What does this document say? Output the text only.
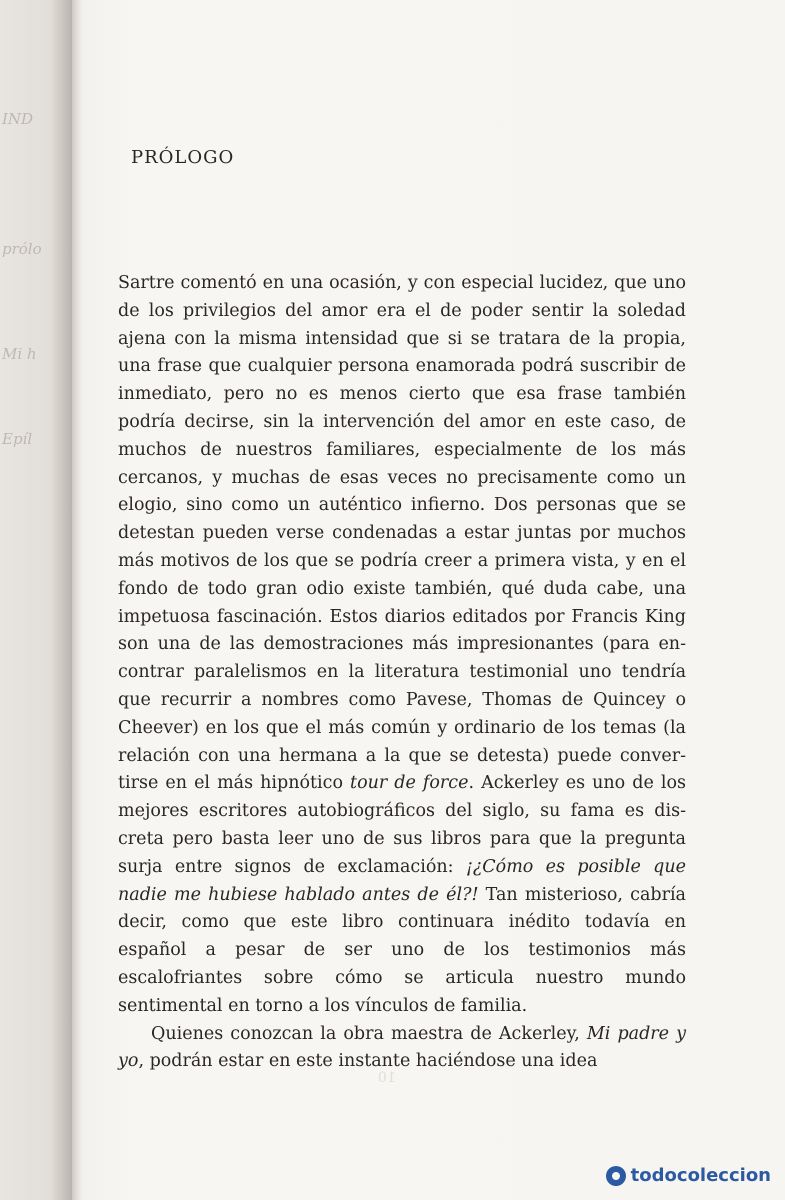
IND
prólo
Mi h
Epíl
PRÓLOGO

Sartre comentó en una ocasión, y con especial lucidez, que uno de los privilegios del amor era el de poder sentir la soledad ajena con la misma intensidad que si se tratara de la propia, una frase que cualquier persona enamorada podrá suscribir de inmediato, pero no es menos cierto que esa frase también podría decirse, sin la intervención del amor en este caso, de muchos de nuestros familiares, especialmente de los más cercanos, y muchas de esas veces no precisamente como un elogio, sino como un auténtico infierno. Dos personas que se detestan pueden verse condenadas a estar juntas por muchos más motivos de los que se podría creer a primera vista, y en el fondo de todo gran odio existe también, qué duda cabe, una impetuosa fascinación. Estos diarios editados por Francis King son una de las demostraciones más impresionantes (para encontrar paralelismos en la literatura testimonial uno tendría que recurrir a nombres como Pavese, Thomas de Quincey o Cheever) en los que el más común y ordinario de los temas (la relación con una hermana a la que se detesta) puede convertirse en el más hipnótico tour de force. Ackerley es uno de los mejores escritores autobiográficos del siglo, su fama es discreta pero basta leer uno de sus libros para que la pregunta surja entre signos de exclamación: ¡¿Cómo es posible que nadie me hubiese hablado antes de él?! Tan misterioso, cabría decir, como que este libro continuara inédito todavía en español a pesar de ser uno de los testimonios más escalofriantes sobre cómo se articula nuestro mundo sentimental en torno a los vínculos de familia.

Quienes conozcan la obra maestra de Ackerley, Mi padre y yo, podrán estar en este instante haciéndose una idea

10
todocoleccion
